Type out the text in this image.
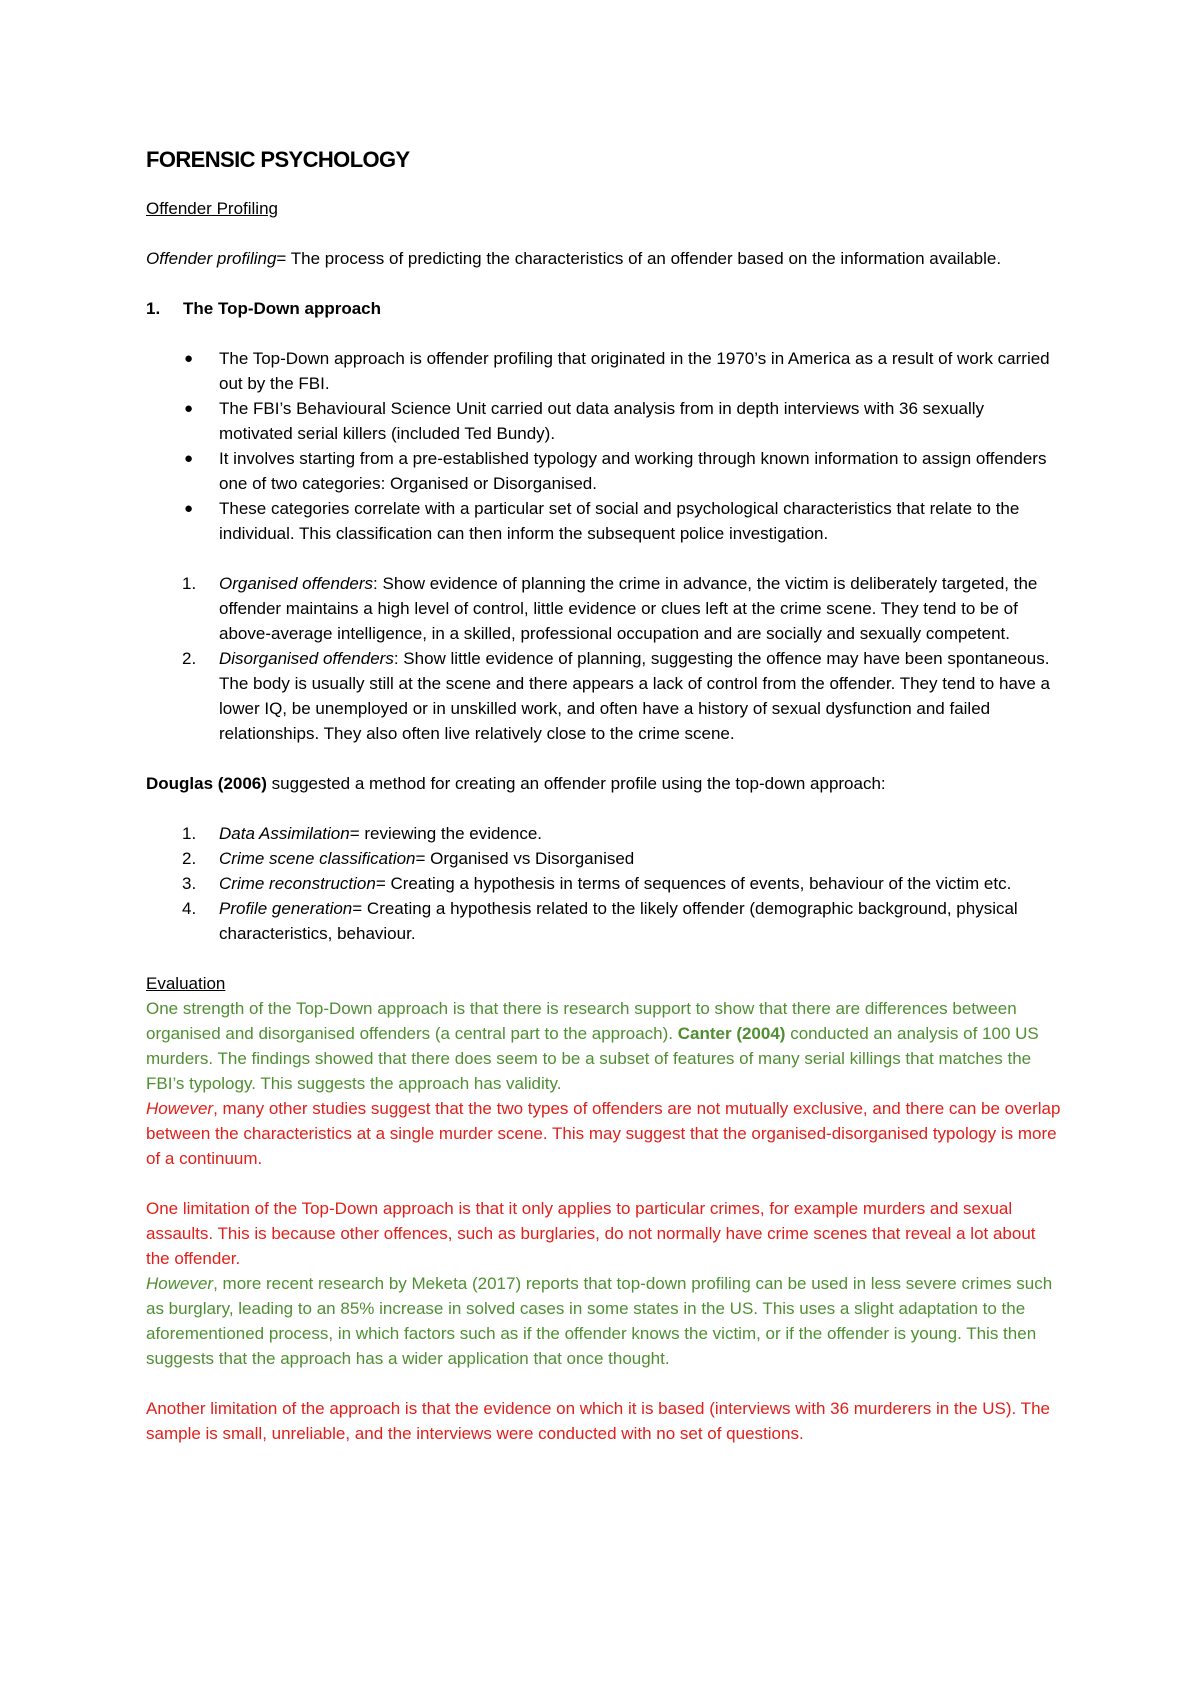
FORENSIC PSYCHOLOGY
Offender Profiling

Offender profiling= The process of predicting the characteristics of an offender based on the information available.

1. The Top-Down approach
● The Top-Down approach is offender profiling that originated in the 1970’s in America as a result of work carried out by the FBI.
● The FBI’s Behavioural Science Unit carried out data analysis from in depth interviews with 36 sexually motivated serial killers (included Ted Bundy).
● It involves starting from a pre-established typology and working through known information to assign offenders one of two categories: Organised or Disorganised.
● These categories correlate with a particular set of social and psychological characteristics that relate to the individual. This classification can then inform the subsequent police investigation.
1. Organised offenders: Show evidence of planning the crime in advance, the victim is deliberately targeted, the offender maintains a high level of control, little evidence or clues left at the crime scene. They tend to be of above-average intelligence, in a skilled, professional occupation and are socially and sexually competent.
2. Disorganised offenders: Show little evidence of planning, suggesting the offence may have been spontaneous. The body is usually still at the scene and there appears a lack of control from the offender. They tend to have a lower IQ, be unemployed or in unskilled work, and often have a history of sexual dysfunction and failed relationships. They also often live relatively close to the crime scene.

Douglas (2006) suggested a method for creating an offender profile using the top-down approach:

1. Data Assimilation= reviewing the evidence.
2. Crime scene classification= Organised vs Disorganised
3. Crime reconstruction= Creating a hypothesis in terms of sequences of events, behaviour of the victim etc.
4. Profile generation= Creating a hypothesis related to the likely offender (demographic background, physical characteristics, behaviour.

Evaluation

One strength of the Top-Down approach is that there is research support to show that there are differences between organised and disorganised offenders (a central part to the approach). Canter (2004) conducted an analysis of 100 US murders. The findings showed that there does seem to be a subset of features of many serial killings that matches the FBI’s typology. This suggests the approach has validity.

However, many other studies suggest that the two types of offenders are not mutually exclusive, and there can be overlap between the characteristics at a single murder scene. This may suggest that the organised-disorganised typology is more of a continuum.

One limitation of the Top-Down approach is that it only applies to particular crimes, for example murders and sexual assaults. This is because other offences, such as burglaries, do not normally have crime scenes that reveal a lot about the offender.

However, more recent research by Meketa (2017) reports that top-down profiling can be used in less severe crimes such as burglary, leading to an 85% increase in solved cases in some states in the US. This uses a slight adaptation to the aforementioned process, in which factors such as if the offender knows the victim, or if the offender is young. This then suggests that the approach has a wider application that once thought.

Another limitation of the approach is that the evidence on which it is based (interviews with 36 murderers in the US). The sample is small, unreliable, and the interviews were conducted with no set of questions.
